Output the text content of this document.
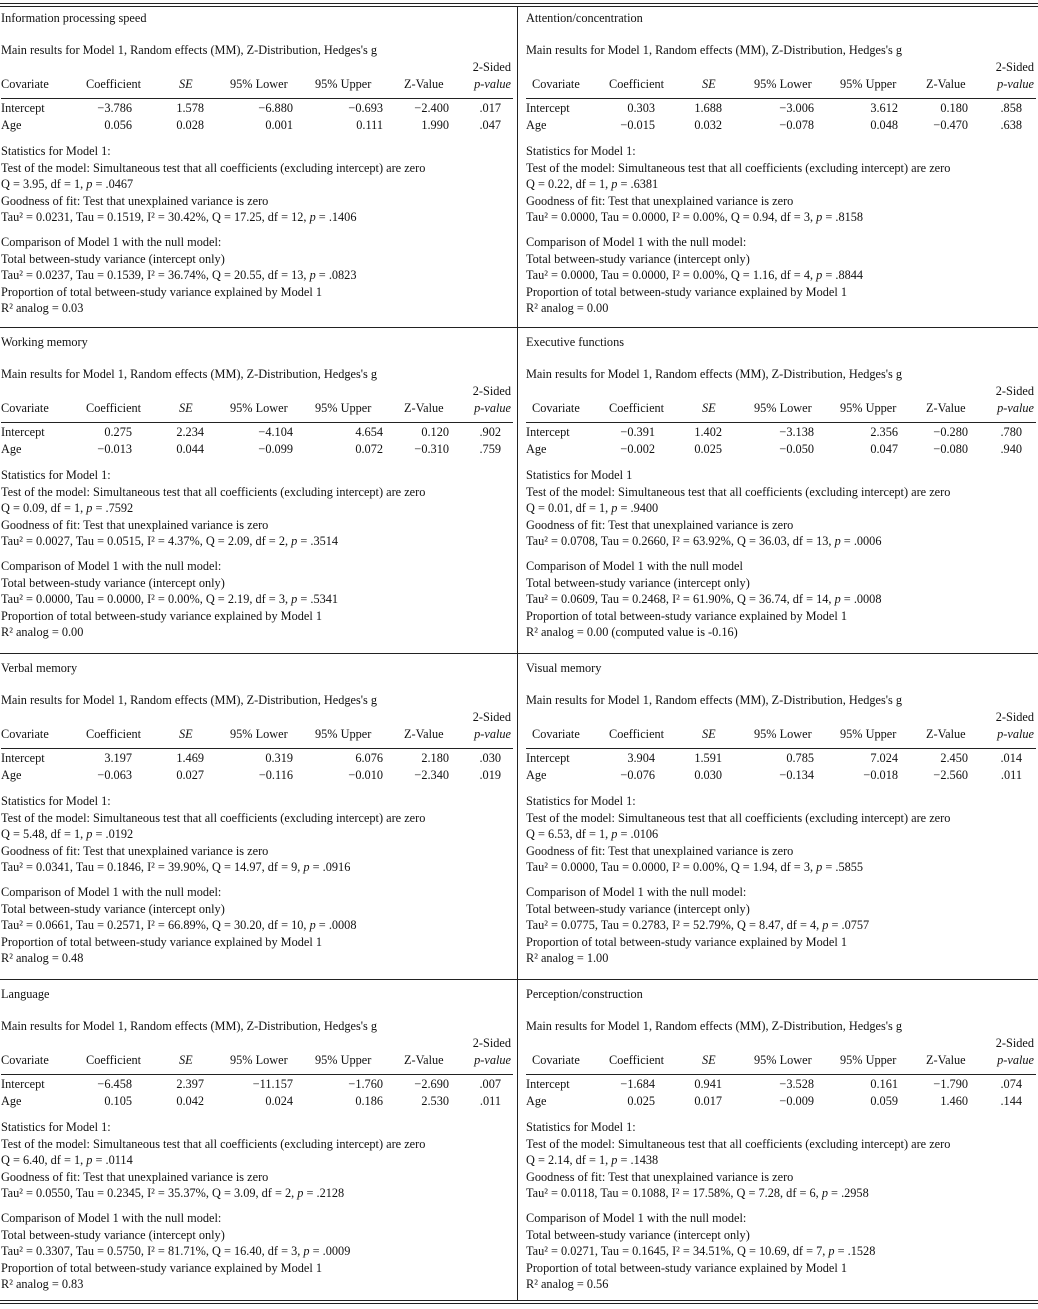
Information processing speed
Main results for Model 1, Random effects (MM), Z-Distribution, Hedges's g
2-Sided
Covariate	Coefficient	SE	95% Lower 95% Upper	Z-Value p-value
Intercept	−3.786	1.578	−6.880	−0.693	−2.400 .017
Age	0.056	0.028	0.001	0.111	1.990 .047
Statistics for Model 1:
Test of the model: Simultaneous test that all coefficients (excluding intercept) are zero
Q = 3.95, df = 1, p = .0467
Goodness of fit: Test that unexplained variance is zero
Tau² = 0.0231, Tau = 0.1519, I² = 30.42%, Q = 17.25, df = 12, p = .1406
Comparison of Model 1 with the null model:
Total between-study variance (intercept only)
Tau² = 0.0237, Tau = 0.1539, I² = 36.74%, Q = 20.55, df = 13, p = .0823
Proportion of total between-study variance explained by Model 1
R² analog = 0.03
Attention/concentration
Main results for Model 1, Random effects (MM), Z-Distribution, Hedges's g
2-Sided
Covariate Coefficient	SE	95% Lower 95% Upper Z-Value	p-value
Intercept	0.303	1.688	−3.006	3.612	0.180	.858
Age	−0.015	0.032	−0.078	0.048	−0.470	.638
Statistics for Model 1:
Test of the model: Simultaneous test that all coefficients (excluding intercept) are zero
Q = 0.22, df = 1, p = .6381
Goodness of fit: Test that unexplained variance is zero
Tau² = 0.0000, Tau = 0.0000, I² = 0.00%, Q = 0.94, df = 3, p = .8158
Comparison of Model 1 with the null model:
Total between-study variance (intercept only)
Tau² = 0.0000, Tau = 0.0000, I² = 0.00%, Q = 1.16, df = 4, p = .8844
Proportion of total between-study variance explained by Model 1
R² analog = 0.00
Working memory
Main results for Model 1, Random effects (MM), Z-Distribution, Hedges's g
2-Sided
Covariate	Coefficient	SE	95% Lower 95% Upper	Z-Value p-value
Intercept	0.275	2.234	−4.104	4.654	0.120 .902
Age	−0.013	0.044	−0.099	0.072	−0.310 .759
Statistics for Model 1:
Test of the model: Simultaneous test that all coefficients (excluding intercept) are zero
Q = 0.09, df = 1, p = .7592
Goodness of fit: Test that unexplained variance is zero
Tau² = 0.0027, Tau = 0.0515, I² = 4.37%, Q = 2.09, df = 2, p = .3514
Comparison of Model 1 with the null model:
Total between-study variance (intercept only)
Tau² = 0.0000, Tau = 0.0000, I² = 0.00%, Q = 2.19, df = 3, p = .5341
Proportion of total between-study variance explained by Model 1
R² analog = 0.00
Executive functions
Main results for Model 1, Random effects (MM), Z-Distribution, Hedges's g
2-Sided
Covariate Coefficient	SE	95% Lower 95% Upper Z-Value	p-value
Intercept	−0.391	1.402	−3.138	2.356	−0.280	.780
Age	−0.002	0.025	−0.050	0.047	−0.080	.940
Statistics for Model 1
Test of the model: Simultaneous test that all coefficients (excluding intercept) are zero
Q = 0.01, df = 1, p = .9400
Goodness of fit: Test that unexplained variance is zero
Tau² = 0.0708, Tau = 0.2660, I² = 63.92%, Q = 36.03, df = 13, p = .0006
Comparison of Model 1 with the null model
Total between-study variance (intercept only)
Tau² = 0.0609, Tau = 0.2468, I² = 61.90%, Q = 36.74, df = 14, p = .0008
Proportion of total between-study variance explained by Model 1
R² analog = 0.00 (computed value is -0.16)
Verbal memory
Main results for Model 1, Random effects (MM), Z-Distribution, Hedges's g
2-Sided
Covariate	Coefficient	SE	95% Lower 95% Upper	Z-Value p-value
Intercept	3.197	1.469	0.319	6.076	2.180 .030
Age	−0.063	0.027	−0.116	−0.010	−2.340 .019
Statistics for Model 1:
Test of the model: Simultaneous test that all coefficients (excluding intercept) are zero
Q = 5.48, df = 1, p = .0192
Goodness of fit: Test that unexplained variance is zero
Tau² = 0.0341, Tau = 0.1846, I² = 39.90%, Q = 14.97, df = 9, p = .0916
Comparison of Model 1 with the null model:
Total between-study variance (intercept only)
Tau² = 0.0661, Tau = 0.2571, I² = 66.89%, Q = 30.20, df = 10, p = .0008
Proportion of total between-study variance explained by Model 1
R² analog = 0.48
Visual memory
Main results for Model 1, Random effects (MM), Z-Distribution, Hedges's g
2-Sided
Covariate Coefficient	SE	95% Lower 95% Upper Z-Value	p-value
Intercept	3.904	1.591	0.785	7.024	2.450	.014
Age	−0.076	0.030	−0.134	−0.018	−2.560	.011
Statistics for Model 1:
Test of the model: Simultaneous test that all coefficients (excluding intercept) are zero
Q = 6.53, df = 1, p = .0106
Goodness of fit: Test that unexplained variance is zero
Tau² = 0.0000, Tau = 0.0000, I² = 0.00%, Q = 1.94, df = 3, p = .5855
Comparison of Model 1 with the null model:
Total between-study variance (intercept only)
Tau² = 0.0775, Tau = 0.2783, I² = 52.79%, Q = 8.47, df = 4, p = .0757
Proportion of total between-study variance explained by Model 1
R² analog = 1.00
Language
Main results for Model 1, Random effects (MM), Z-Distribution, Hedges's g
2-Sided
Covariate	Coefficient	SE	95% Lower 95% Upper	Z-Value p-value
Intercept	−6.458	2.397	−11.157	−1.760	−2.690 .007
Age	0.105	0.042	0.024	0.186	2.530	.011
Statistics for Model 1:
Test of the model: Simultaneous test that all coefficients (excluding intercept) are zero
Q = 6.40, df = 1, p = .0114
Goodness of fit: Test that unexplained variance is zero
Tau² = 0.0550, Tau = 0.2345, I² = 35.37%, Q = 3.09, df = 2, p = .2128
Comparison of Model 1 with the null model:
Total between-study variance (intercept only)
Tau² = 0.3307, Tau = 0.5750, I² = 81.71%, Q = 16.40, df = 3, p = .0009
Proportion of total between-study variance explained by Model 1
R² analog = 0.83
Perception/construction
Main results for Model 1, Random effects (MM), Z-Distribution, Hedges's g
2-Sided
Covariate Coefficient	SE	95% Lower 95% Upper Z-Value	p-value
Intercept	−1.684	0.941	−3.528	0.161	−1.790	.074
Age	0.025	0.017	−0.009	0.059	1.460	.144
Statistics for Model 1:
Test of the model: Simultaneous test that all coefficients (excluding intercept) are zero
Q = 2.14, df = 1, p = .1438
Goodness of fit: Test that unexplained variance is zero
Tau² = 0.0118, Tau = 0.1088, I² = 17.58%, Q = 7.28, df = 6, p = .2958
Comparison of Model 1 with the null model:
Total between-study variance (intercept only)
Tau² = 0.0271, Tau = 0.1645, I² = 34.51%, Q = 10.69, df = 7, p = .1528
Proportion of total between-study variance explained by Model 1
R² analog = 0.56
